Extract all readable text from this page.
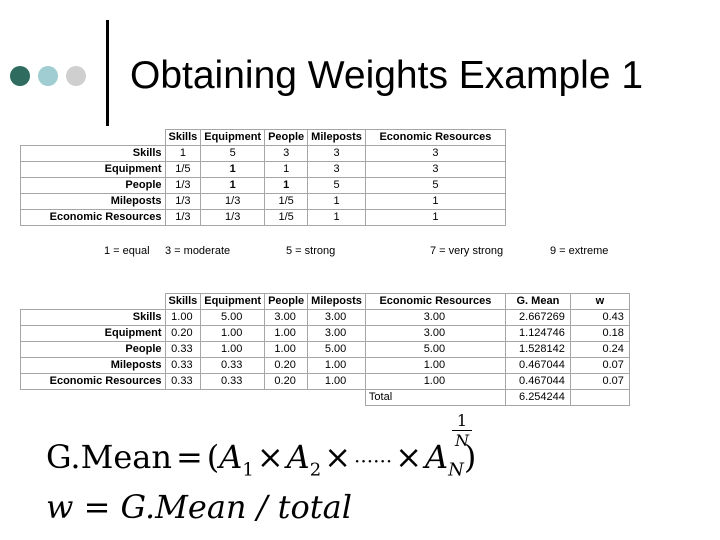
Obtaining Weights Example 1
	Skills	Equipment	People	Mileposts	Economic Resources
Skills	1	5	3	3	3
Equipment	1/5	1	1	3	3
People	1/3	1	1	5	5
Mileposts	1/3	1/3	1/5	1	1
Economic Resources	1/3	1/3	1/5	1	1
1 = equal 3 = moderate	5 = strong	7 = very strong	9 = extreme
	Skills	Equipment	People	Mileposts	Economic Resources	G. Mean	w
Skills	1.00	5.00	3.00	3.00	3.00	2.667269	0.43
Equipment	0.20	1.00	1.00	3.00	3.00	1.124746	0.18
People	0.33	1.00	1.00	5.00	5.00	1.528142	0.24
Mileposts	0.33	0.33	0.20	1.00	1.00	0.467044	0.07
Economic Resources	0.33	0.33	0.20	1.00	1.00	0.467044	0.07
					Total	6.254244	
G.Mean = $(A_1\times A_2\times \cdot\cdot\cdot\cdot\cdot\cdot\times A_N)$
$\frac{1}{N}$
w = G.Mean / total
